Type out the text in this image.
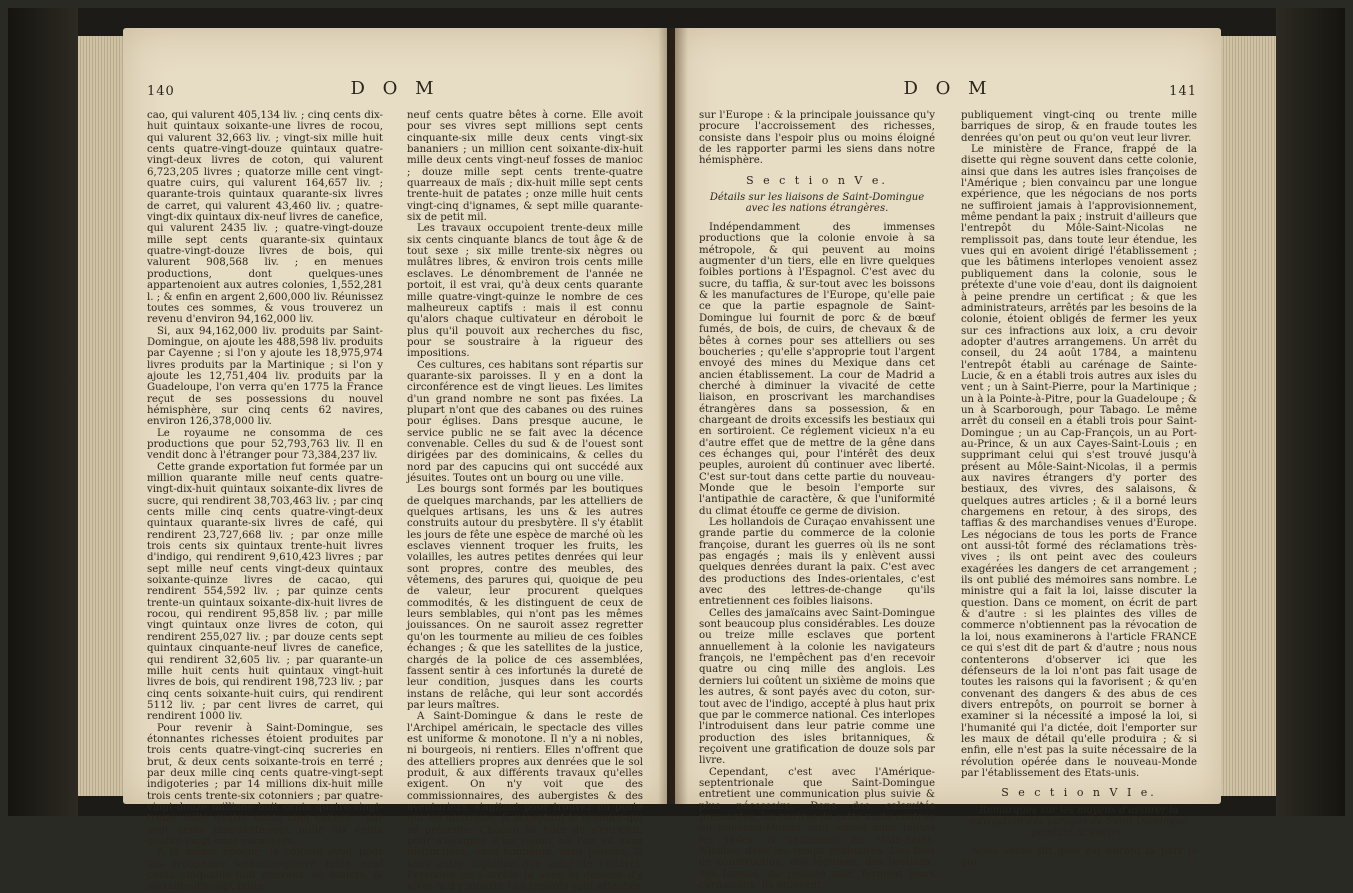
140	D O M

cao, qui valurent 405,134 liv. ; cinq cents dix-huit quintaux soixante-une livres de rocou, qui valurent 32,663 liv. ; vingt-six mille huit cents quatre-vingt-douze quintaux quatre-vingt-deux livres de coton, qui valurent 6,723,205 livres ; quatorze mille cent vingt-quatre cuirs, qui valurent 164,657 liv. ; quarante-trois quintaux quarante-six livres de carret, qui valurent 43,460 liv. ; quatre-vingt-dix quintaux dix-neuf livres de canefice, qui valurent 2435 liv. ; quatre-vingt-douze mille sept cents quarante-six quintaux quatre-vingt-douze livres de bois, qui valurent 908,568 liv. ; en menues productions, dont quelques-unes appartenoient aux autres colonies, 1,552,281 l. ; & enfin en argent 2,600,000 liv. Réunissez toutes ces sommes, & vous trouverez un revenu d'environ 94,162,000 liv.

Si, aux 94,162,000 liv. produits par Saint-Domingue, on ajoute les 488,598 liv. produits par Cayenne ; si l'on y ajoute les 18,975,974 livres produits par la Martinique ; si l'on y ajoute les 12,751,404 liv. produits par la Guadeloupe, l'on verra qu'en 1775 la France reçut de ses possessions du nouvel hémisphère, sur cinq cents 62 navires, environ 126,378,000 liv.

Le royaume ne consomma de ces productions que pour 52,793,763 liv. Il en vendit donc à l'étranger pour 73,384,237 liv.

Cette grande exportation fut formée par un million quarante mille neuf cents quatre-vingt-dix-huit quintaux soixante-dix livres de sucre, qui rendirent 38,703,463 liv. ; par cinq cents mille cinq cents quatre-vingt-deux quintaux quarante-six livres de café, qui rendirent 23,727,668 liv. ; par onze mille trois cents six quintaux trente-huit livres d'indigo, qui rendirent 9,610,423 livres ; par sept mille neuf cents vingt-deux quintaux soixante-quinze livres de cacao, qui rendirent 554,592 liv. ; par quinze cents trente-un quintaux soixante-dix-huit livres de rocou, qui rendirent 95,858 liv. ; par mille vingt quintaux onze livres de coton, qui rendirent 255,027 liv. ; par douze cents sept quintaux cinquante-neuf livres de canefice, qui rendirent 32,605 liv. ; par quarante-un mille huit cents huit quintaux vingt-huit livres de bois, qui rendirent 198,723 liv. ; par cinq cents soixante-huit cuirs, qui rendirent 5112 liv. ; par cent livres de carret, qui rendirent 1000 liv.

Pour revenir à Saint-Domingue, ses étonnantes richesses étoient produites par trois cents quatre-vingt-cinq sucreries en brut, & deux cents soixante-trois en terré ; par deux mille cinq cents quatre-vingt-sept indigoteries ; par 14 millions dix-huit mille trois cents trente-six cotonniers ; par quatre-vingt-douze millions huit cents quatre-vingt-treize mille quatre cents cinq cafiers ; par sept cents cinquante-sept mille six cents quatre-vingt-onze cacaoyers.

A la même époque, la colonie avoit pour ses troupeaux soixante-quinze mille neuf cents cinquante-huit chevaux ou mulets, & soixante-dix-sept mille

neuf cents quatre bêtes à corne. Elle avoit pour ses vivres sept millions sept cents cinquante-six mille deux cents vingt-six bananiers ; un million cent soixante-dix-huit mille deux cents vingt-neuf fosses de manioc ; douze mille sept cents trente-quatre quarreaux de maïs ; dix-huit mille sept cents trente-huit de patates ; onze mille huit cents vingt-cinq d'ignames, & sept mille quarante-six de petit mil.

Les travaux occupoient trente-deux mille six cents cinquante blancs de tout âge & de tout sexe ; six mille trente-six nègres ou mulâtres libres, & environ trois cents mille esclaves. Le dénombrement de l'année ne portoit, il est vrai, qu'à deux cents quarante mille quatre-vingt-quinze le nombre de ces malheureux captifs : mais il est connu qu'alors chaque cultivateur en déroboit le plus qu'il pouvoit aux recherches du fisc, pour se soustraire à la rigueur des impositions.

Ces cultures, ces habitans sont répartis sur quarante-six paroisses. Il y en a dont la circonférence est de vingt lieues. Les limites d'un grand nombre ne sont pas fixées. La plupart n'ont que des cabanes ou des ruines pour églises. Dans presque aucune, le service public ne se fait avec la décence convenable. Celles du sud & de l'ouest sont dirigées par des dominicains, & celles du nord par des capucins qui ont succédé aux jésuites. Toutes ont un bourg ou une ville.

Les bourgs sont formés par les boutiques de quelques marchands, par les attelliers de quelques artisans, les uns & les autres construits autour du presbytère. Il s'y établit les jours de fête une espèce de marché où les esclaves viennent troquer les fruits, les volailles, les autres petites denrées qui leur sont propres, contre des meubles, des vêtemens, des parures qui, quoique de peu de valeur, leur procurent quelques commodités, & les distinguent de ceux de leurs semblables, qui n'ont pas les mêmes jouissances. On ne sauroit assez regretter qu'on les tourmente au milieu de ces foibles échanges ; & que les satellites de la justice, chargés de la police de ces assemblées, fassent sentir à ces infortunés la dureté de leur condition, jusques dans les courts instans de relâche, qui leur sont accordés par leurs maîtres.

A Saint-Domingue & dans le reste de l'Archipel américain, le spectacle des villes est uniforme & monotone. Il n'y a ni nobles, ni bourgeois, ni rentiers. Elles n'offrent que des attelliers propres aux denrées que le sol produit, & aux différents travaux qu'elles exigent. On n'y voit que des commissionnaires, des aubergistes & des aventuriers, s'agitant pour trouver un poste qui les nourrisse, & acceptant le premier qui se présente. Chacun se hâte de s'enrichir, pour s'éloigner d'un séjour où l'on vit sans distinctions, sans honneurs, sans plaisirs, & sans autre aiguillon que celui de l'intérêt. Personne ne s'arrête là avec le dessein d'y vivre & d'y mourir. Les regards sont attachés

D O M	141

sur l'Europe : & la principale jouissance qu'y procure l'accroissement des richesses, consiste dans l'espoir plus ou moins éloigné de les rapporter parmi les siens dans notre hémisphère.

S e c t i o n V e.
Détails sur les liaisons de Saint-Domingue avec les nations étrangères.

Indépendamment des immenses productions que la colonie envoie à sa métropole, & qui peuvent au moins augmenter d'un tiers, elle en livre quelques foibles portions à l'Espagnol. C'est avec du sucre, du taffia, & sur-tout avec les boissons & les manufactures de l'Europe, qu'elle paie ce que la partie espagnole de Saint-Domingue lui fournit de porc & de bœuf fumés, de bois, de cuirs, de chevaux & de bêtes à cornes pour ses attelliers ou ses boucheries ; qu'elle s'approprie tout l'argent envoyé des mines du Mexique dans cet ancien établissement. La cour de Madrid a cherché à diminuer la vivacité de cette liaison, en proscrivant les marchandises étrangères dans sa possession, & en chargeant de droits excessifs les bestiaux qui en sortiroient. Ce réglement vicieux n'a eu d'autre effet que de mettre de la gêne dans ces échanges qui, pour l'intérêt des deux peuples, auroient dû continuer avec liberté. C'est sur-tout dans cette partie du nouveau-Monde que le besoin l'emporte sur l'antipathie de caractère, & que l'uniformité du climat étouffe ce germe de division.

Les hollandois de Curaçao envahissent une grande partie du commerce de la colonie françoise, durant les guerres où ils ne sont pas engagés ; mais ils y enlèvent aussi quelques denrées durant la paix. C'est avec des productions des Indes-orientales, c'est avec des lettres-de-change qu'ils entretiennent ces foibles liaisons.

Celles des jamaïcains avec Saint-Domingue sont beaucoup plus considérables. Les douze ou treize mille esclaves que portent annuellement à la colonie les navigateurs françois, ne l'empêchent pas d'en recevoir quatre ou cinq mille des anglois. Les derniers lui coûtent un sixième de moins que les autres, & sont payés avec du coton, sur-tout avec de l'indigo, accepté à plus haut prix que par le commerce national. Ces interlopes l'introduisent dans leur patrie comme une production des isles britanniques, & reçoivent une gratification de douze sols par livre.

Cependant, c'est avec l'Amérique-septentrionale que Saint-Domingue entretient une communication plus suivie & plus nécessaire. Dans des calamités pressantes, les navires de cette vaste contrée du nouveau-Monde sont admis dans toutes les rades, & seulement au Môle-Saint-Nicolas, dans les temps ordinaires. Des bois de construction, des légumes, des bestiaux, des farines, du poisson salé, forment leurs cargaisons. Ils enlèvent

publiquement vingt-cinq ou trente mille barriques de sirop, & en fraude toutes les denrées qu'on peut ou qu'on veut leur livrer.

Le ministère de France, frappé de la disette qui règne souvent dans cette colonie, ainsi que dans les autres isles françoises de l'Amérique ; bien convaincu par une longue expérience, que les négocians de nos ports ne suffiroient jamais à l'approvisionnement, même pendant la paix ; instruit d'ailleurs que l'entrepôt du Môle-Saint-Nicolas ne remplissoit pas, dans toute leur étendue, les vues qui en avoient dirigé l'établissement ; que les bâtimens interlopes venoient assez publiquement dans la colonie, sous le prétexte d'une voie d'eau, dont ils daignoient à peine prendre un certificat ; & que les administrateurs, arrêtés par les besoins de la colonie, étoient obligés de fermer les yeux sur ces infractions aux loix, a cru devoir adopter d'autres arrangemens. Un arrêt du conseil, du 24 août 1784, a maintenu l'entrepôt établi au carénage de Sainte-Lucie, & en a établi trois autres aux isles du vent ; un à Saint-Pierre, pour la Martinique ; un à la Pointe-à-Pitre, pour la Guadeloupe ; & un à Scarborough, pour Tabago. Le même arrêt du conseil en a établi trois pour Saint-Domingue ; un au Cap-François, un au Port-au-Prince, & un aux Cayes-Saint-Louis ; en supprimant celui qui s'est trouvé jusqu'à présent au Môle-Saint-Nicolas, il a permis aux navires étrangers d'y porter des bestiaux, des vivres, des salaisons, & quelques autres articles ; & il a borné leurs chargemens en retour, à des sirops, des taffias & des marchandises venues d'Europe. Les négocians de tous les ports de France ont aussi-tôt formé des réclamations très-vives ; ils ont peint avec des couleurs exagérées les dangers de cet arrangement ; ils ont publié des mémoires sans nombre. Le ministre qui a fait la loi, laisse discuter la question. Dans ce moment, on écrit de part & d'autre : si les plaintes des villes de commerce n'obtiennent pas la révocation de la loi, nous examinerons à l'article FRANCE ce qui s'est dit de part & d'autre ; nous nous contenterons d'observer ici que les défenseurs de la loi n'ont pas fait usage de toutes les raisons qui la favorisent ; & qu'en convenant des dangers & des abus de ces divers entrepôts, on pourroit se borner à examiner si la nécessité a imposé la loi, si l'humanité qui l'a dictée, doit l'emporter sur les maux de détail qu'elle produira ; & si enfin, elle n'est pas la suite nécessaire de la révolution opérée dans le nouveau-Monde par l'établissement des Etats-unis.

S e c t i o n V I e.
Remarques sur les moyens d'assurer la navigation des parages de Saint-Domingue pendant la guerre.

Nous avons dit quel est durant la paix le par-
